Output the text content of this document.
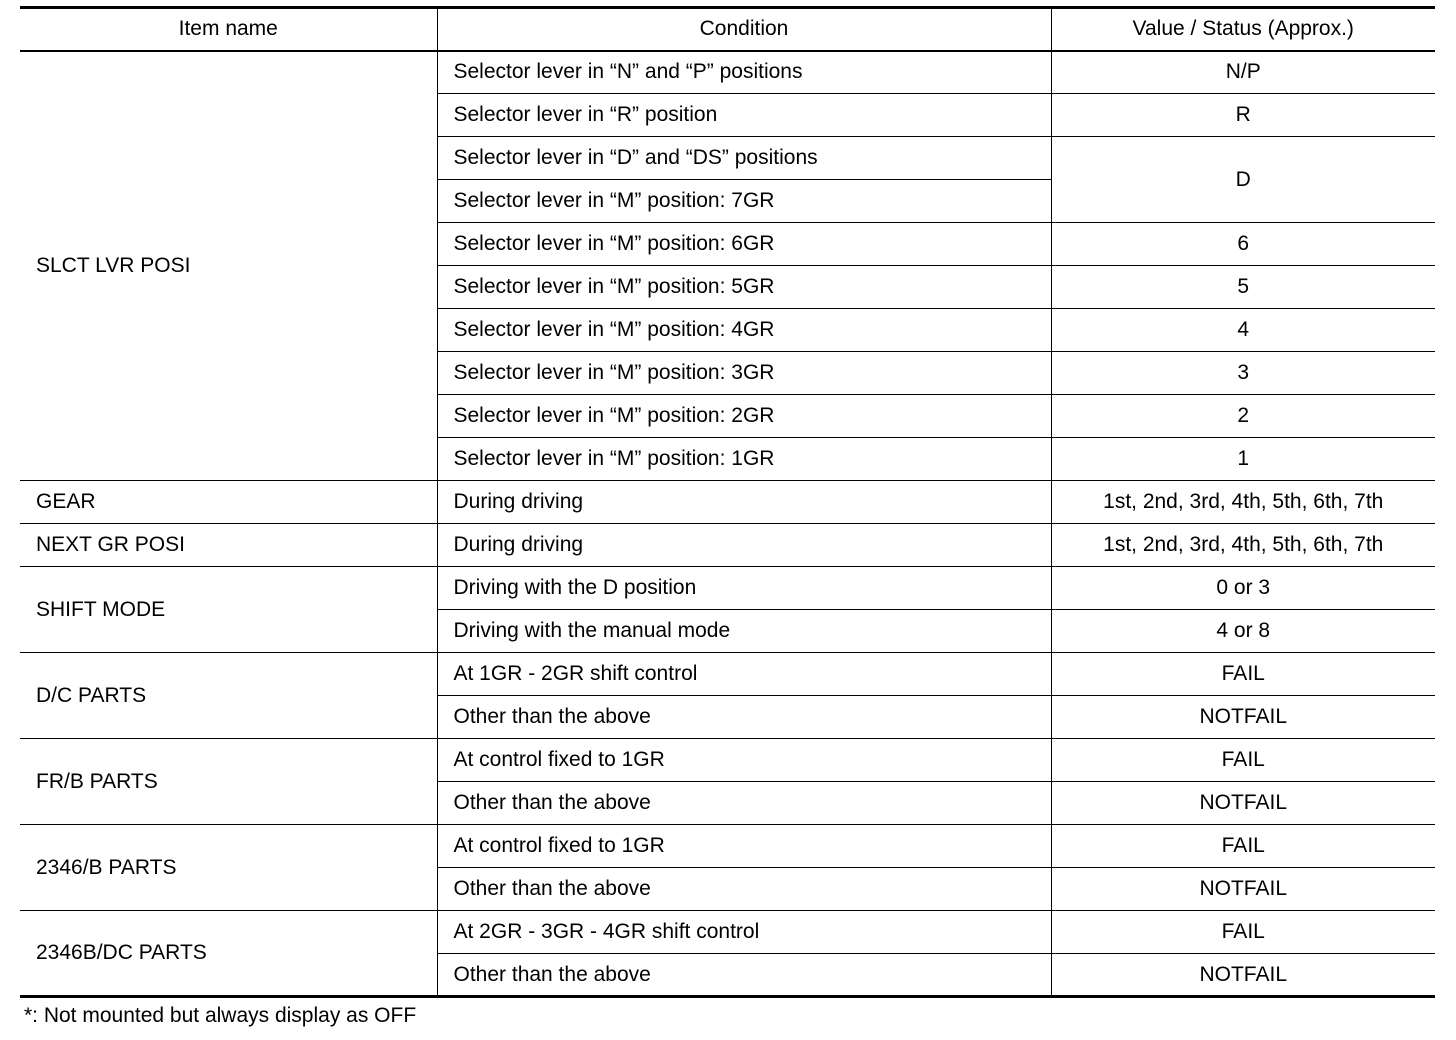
Item name	Condition	Value / Status (Approx.)
SLCT LVR POSI	Selector lever in “N” and “P” positions	N/P
	Selector lever in “R” position	R
	Selector lever in “D” and “DS” positions	D
	Selector lever in “M” position: 7GR	
	Selector lever in “M” position: 6GR	6
	Selector lever in “M” position: 5GR	5
	Selector lever in “M” position: 4GR	4
	Selector lever in “M” position: 3GR	3
	Selector lever in “M” position: 2GR	2
	Selector lever in “M” position: 1GR	1
GEAR	During driving	1st, 2nd, 3rd, 4th, 5th, 6th, 7th
NEXT GR POSI	During driving	1st, 2nd, 3rd, 4th, 5th, 6th, 7th
SHIFT MODE	Driving with the D position	0 or 3
	Driving with the manual mode	4 or 8
D/C PARTS	At 1GR - 2GR shift control	FAIL
	Other than the above	NOTFAIL
FR/B PARTS	At control fixed to 1GR	FAIL
	Other than the above	NOTFAIL
2346/B PARTS	At control fixed to 1GR	FAIL
	Other than the above	NOTFAIL
2346B/DC PARTS	At 2GR - 3GR - 4GR shift control	FAIL
	Other than the above	NOTFAIL
*: Not mounted but always display as OFF
